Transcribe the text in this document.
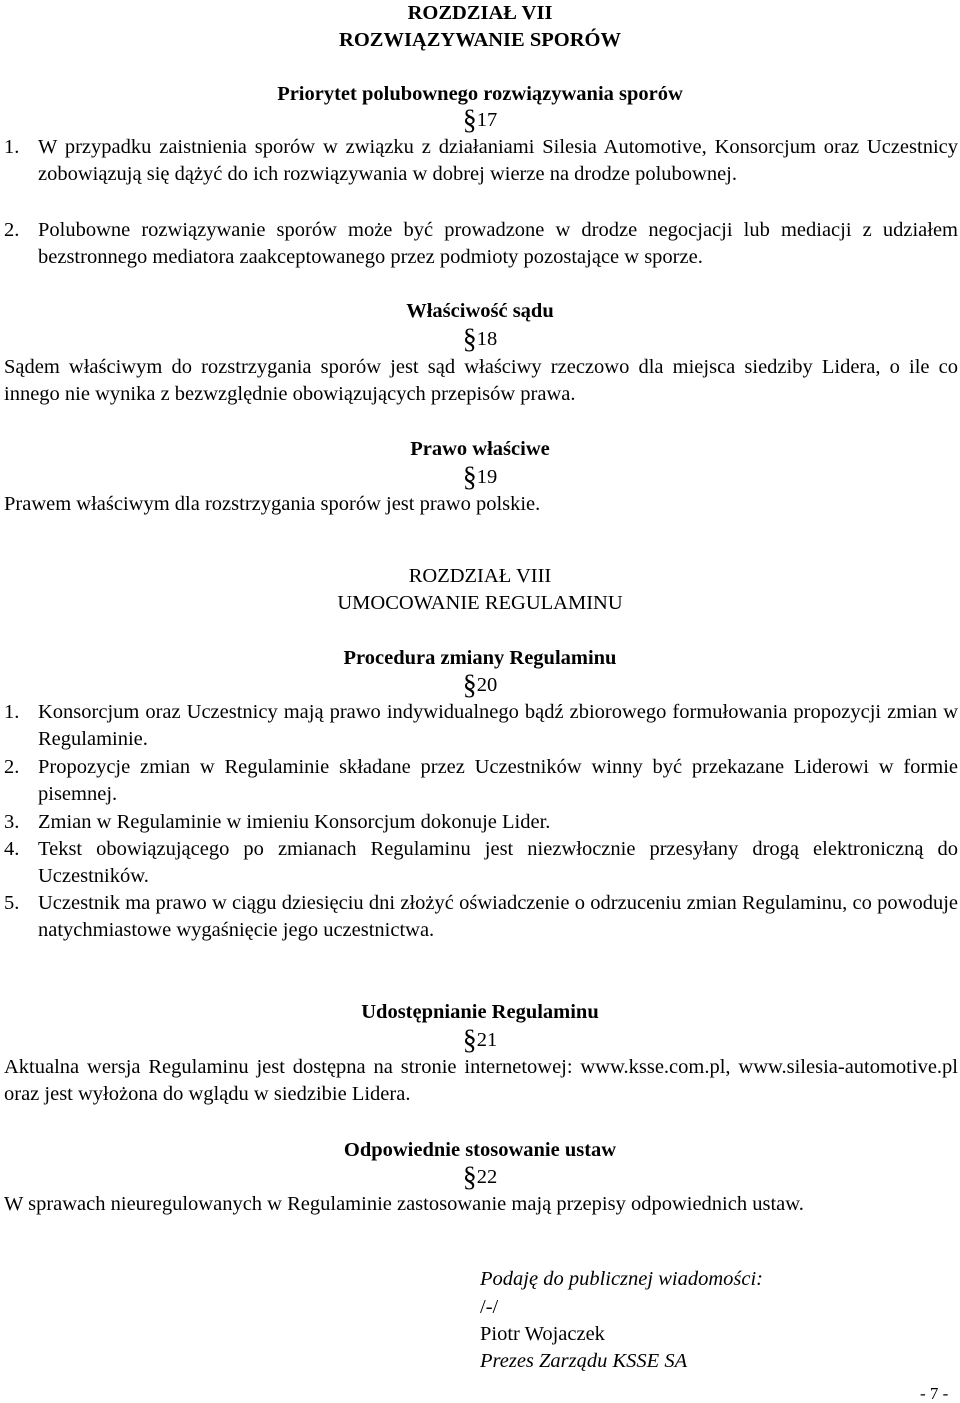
ROZDZIAŁ VII
ROZWIĄZYWANIE SPORÓW
Priorytet polubownego rozwiązywania sporów
§17
1. W przypadku zaistnienia sporów w związku z działaniami Silesia Automotive, Konsorcjum oraz Uczestnicy zobowiązują się dążyć do ich rozwiązywania w dobrej wierze na drodze polubownej.
2. Polubowne rozwiązywanie sporów może być prowadzone w drodze negocjacji lub mediacji z udziałem bezstronnego mediatora zaakceptowanego przez podmioty pozostające w sporze.
Właściwość sądu
§18
Sądem właściwym do rozstrzygania sporów jest sąd właściwy rzeczowo dla miejsca siedziby Lidera, o ile co innego nie wynika z bezwzględnie obowiązujących przepisów prawa.
Prawo właściwe
§19
Prawem właściwym dla rozstrzygania sporów jest prawo polskie.
ROZDZIAŁ VIII
UMOCOWANIE REGULAMINU
Procedura zmiany Regulaminu
§20
1. Konsorcjum oraz Uczestnicy mają prawo indywidualnego bądź zbiorowego formułowania propozycji zmian w Regulaminie.
2. Propozycje zmian w Regulaminie składane przez Uczestników winny być przekazane Liderowi w formie pisemnej.
3. Zmian w Regulaminie w imieniu Konsorcjum dokonuje Lider.
4. Tekst obowiązującego po zmianach Regulaminu jest niezwłocznie przesyłany drogą elektroniczną do Uczestników.
5. Uczestnik ma prawo w ciągu dziesięciu dni złożyć oświadczenie o odrzuceniu zmian Regulaminu, co powoduje natychmiastowe wygaśnięcie jego uczestnictwa.
Udostępnianie Regulaminu
§21
Aktualna wersja Regulaminu jest dostępna na stronie internetowej: www.ksse.com.pl, www.silesia-automotive.pl oraz jest wyłożona do wglądu w siedzibie Lidera.
Odpowiednie stosowanie ustaw
§22
W sprawach nieuregulowanych w Regulaminie zastosowanie mają przepisy odpowiednich ustaw.
Podaję do publicznej wiadomości:
/-/
Piotr Wojaczek
Prezes Zarządu KSSE SA
- 7 -
